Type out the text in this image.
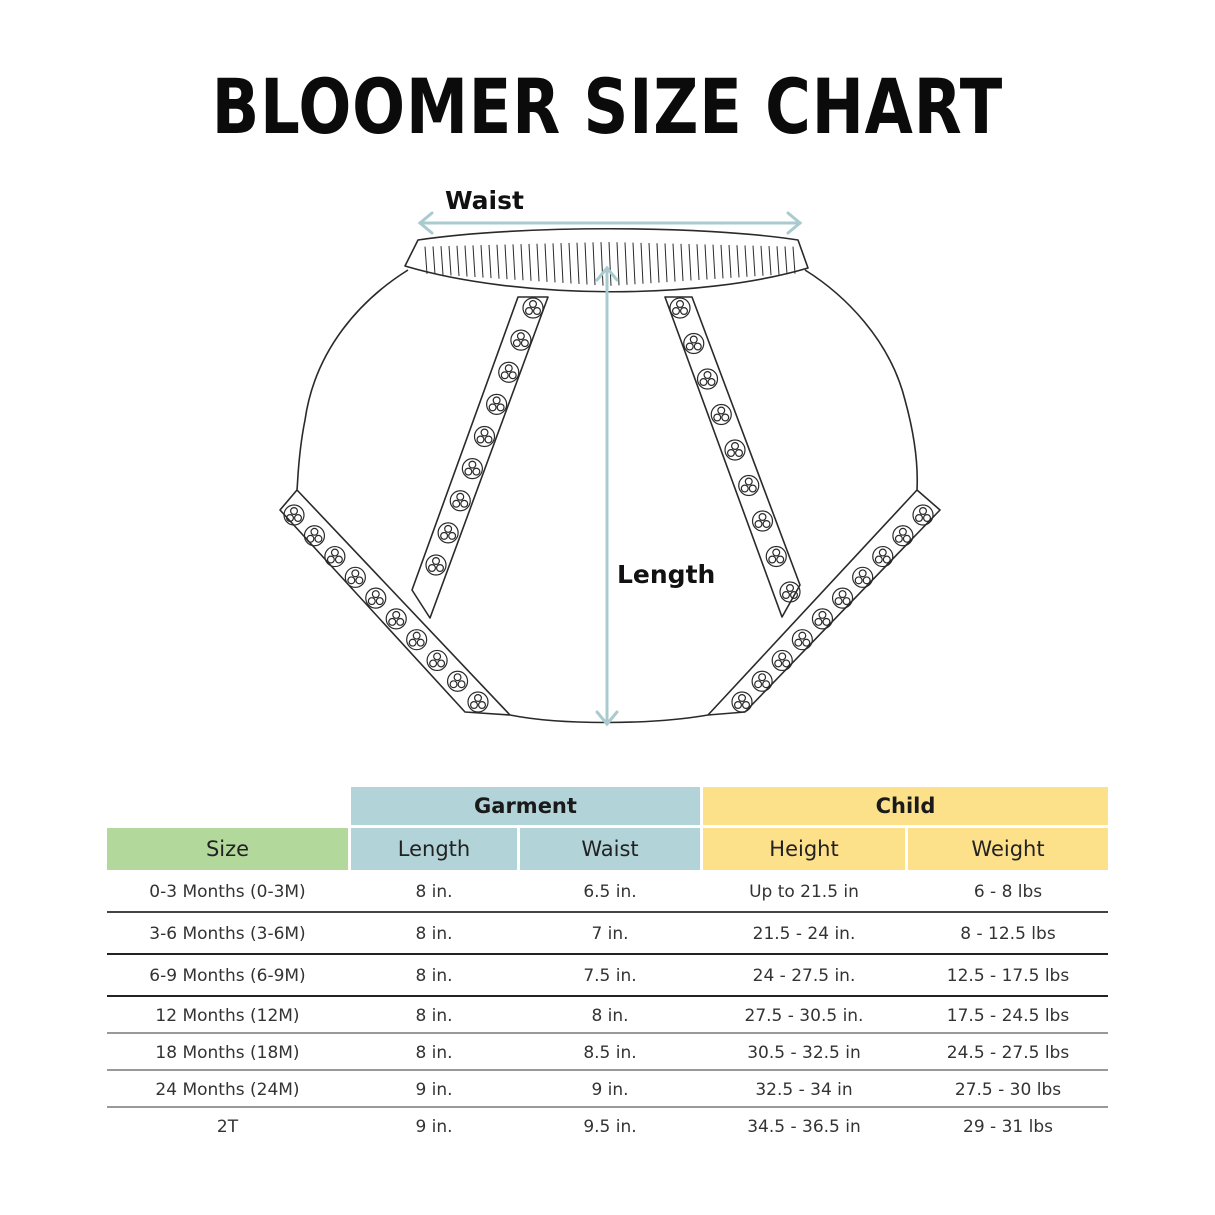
BLOOMER SIZE CHART
Waist
Length
Garment	Child
Size	Length	Waist	Height	Weight
0-3 Months (0-3M)	8 in.	6.5 in.	Up to 21.5 in	6 - 8 lbs
3-6 Months (3-6M)	8 in.	7 in.	21.5 - 24 in.	8 - 12.5 lbs
6-9 Months (6-9M)	8 in.	7.5 in.	24 - 27.5 in.	12.5 - 17.5 lbs
12 Months (12M)	8 in.	8 in.	27.5 - 30.5 in.	17.5 - 24.5 lbs
18 Months (18M)	8 in.	8.5 in.	30.5 - 32.5 in	24.5 - 27.5 lbs
24 Months (24M)	9 in.	9 in.	32.5 - 34 in	27.5 - 30 lbs
2T	9 in.	9.5 in.	34.5 - 36.5 in	29 - 31 lbs
